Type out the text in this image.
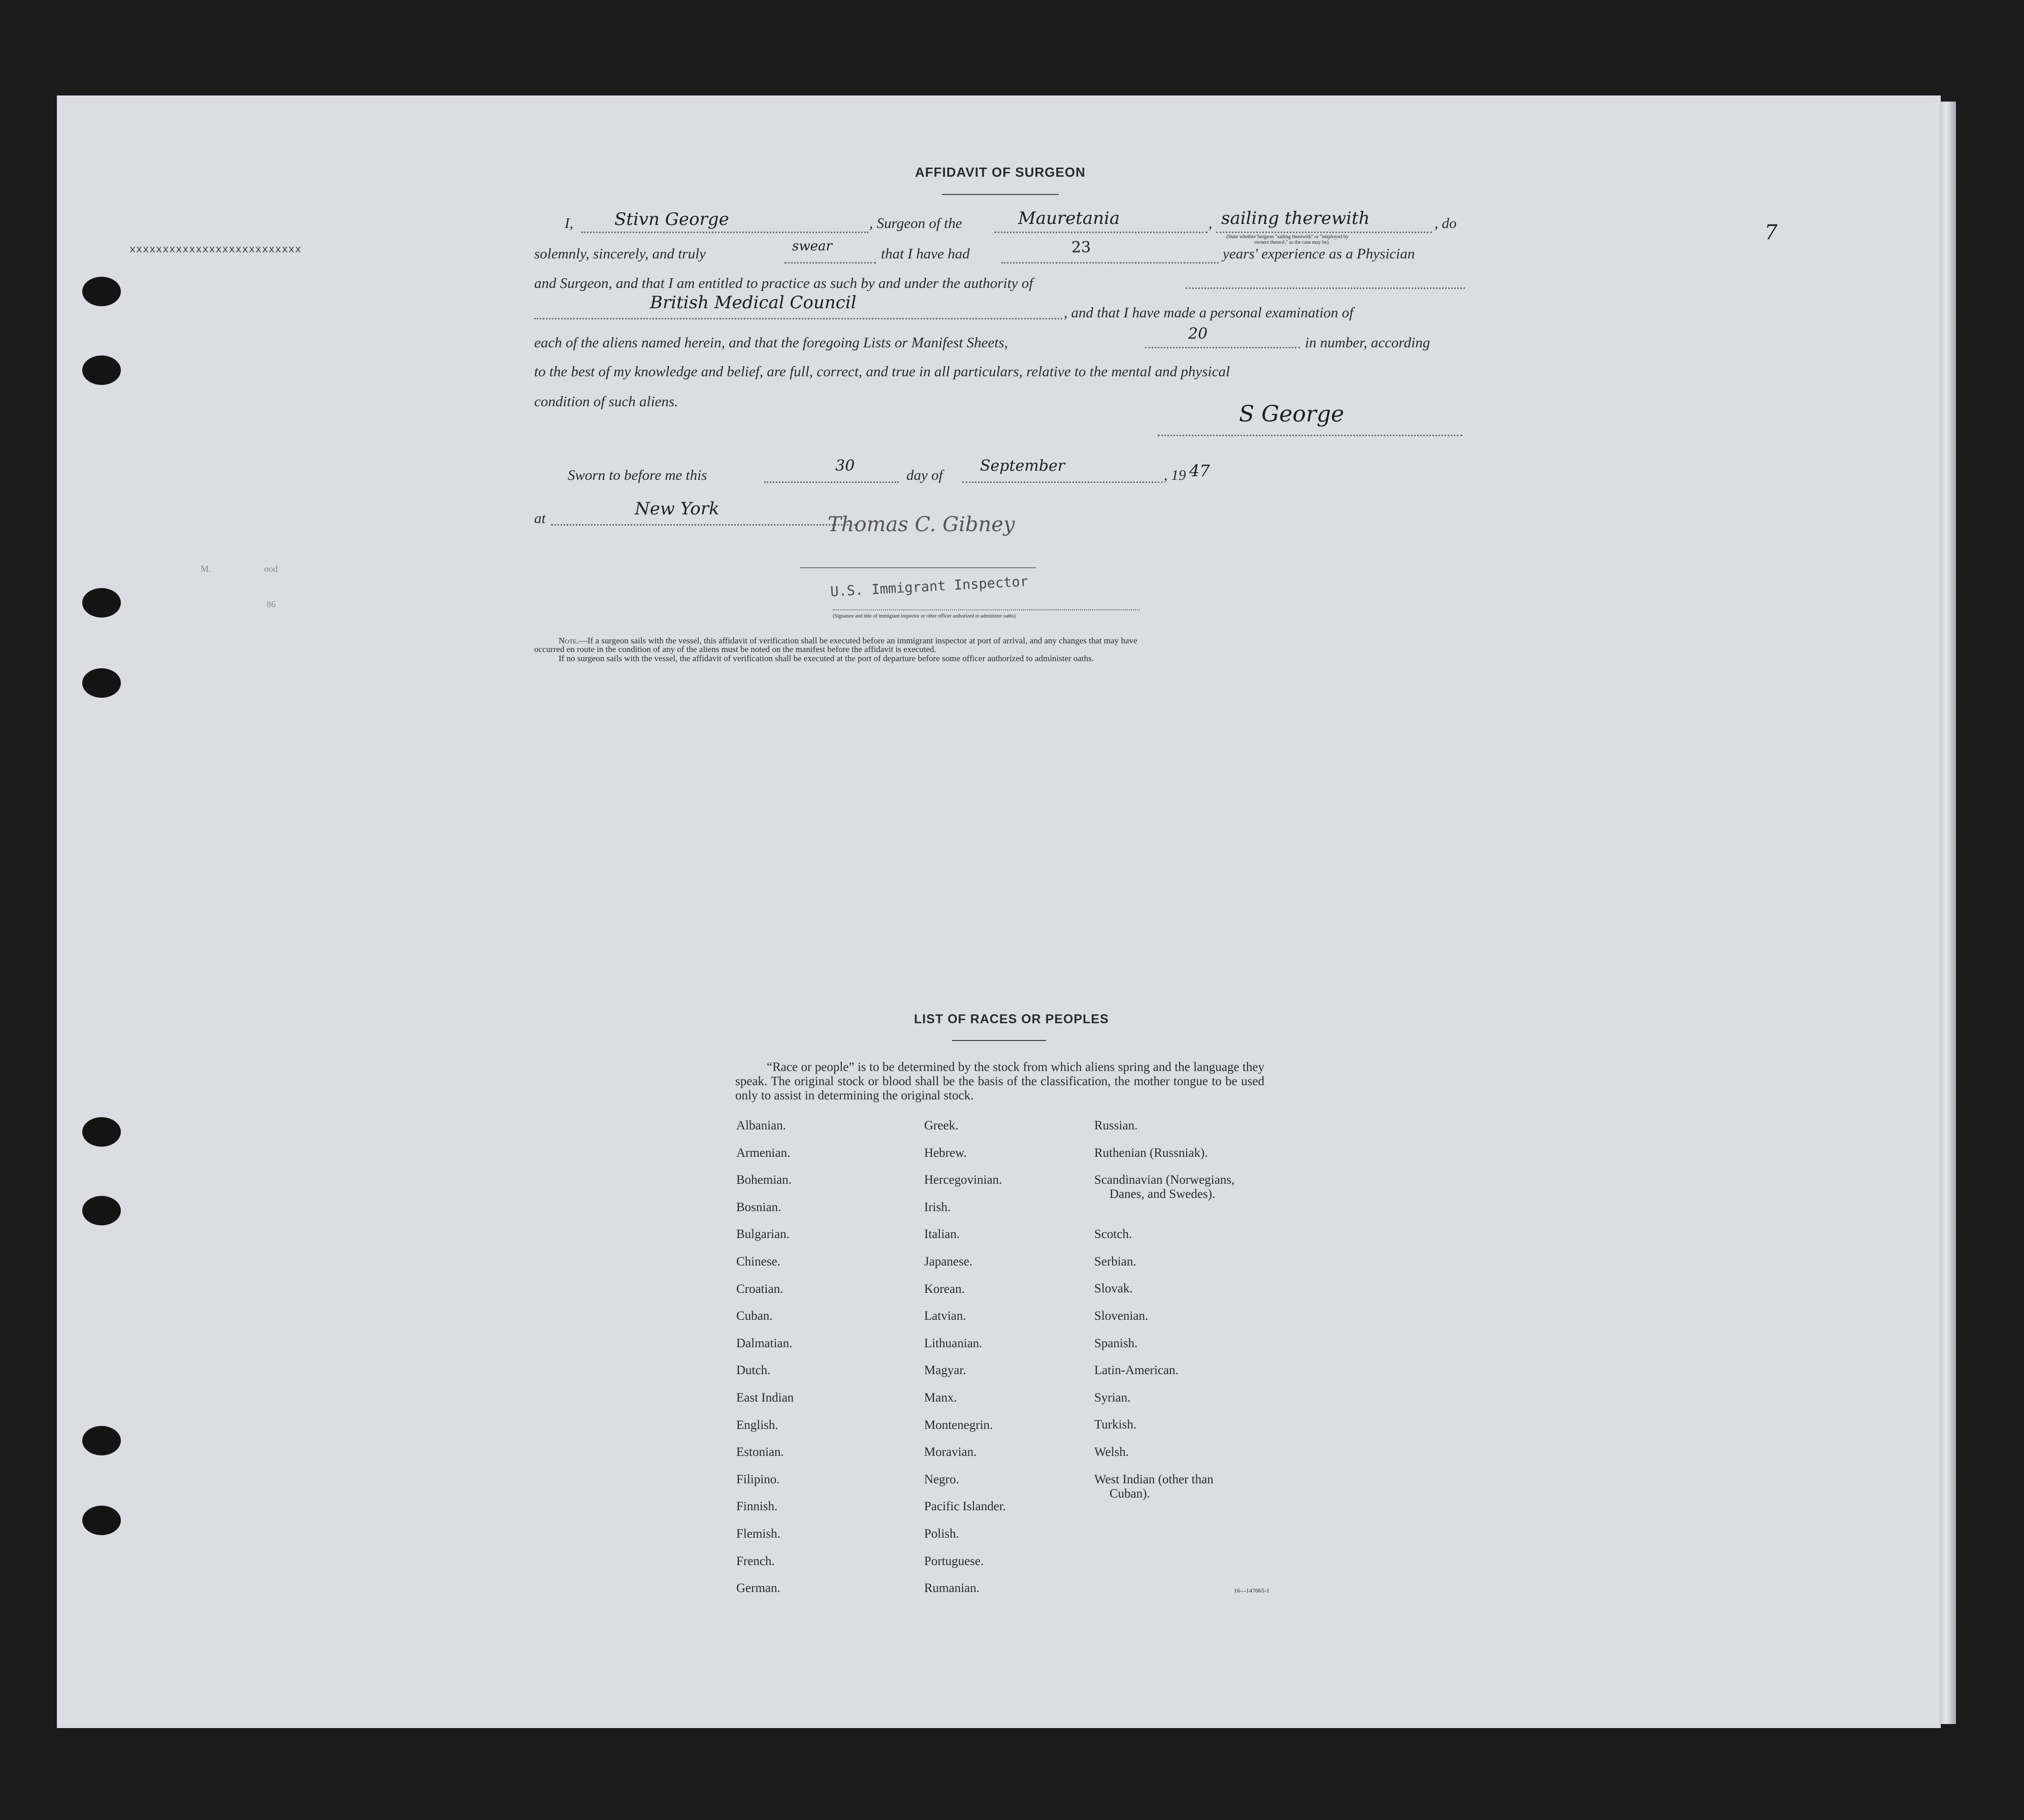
xxxxxxxxxxxxxxxxxxxxxxxxxx
7
M.	ood
86
AFFIDAVIT OF SURGEON
I, Stivn George	, Surgeon of the	Mauretania	, sailing therewith	, do
(State whether Surgeon "sailing therewith" or "employed by
owners thereof," as the case may be)
solemnly, sincerely, and truly	swear	that I have had	23	years' experience as a Physician
and Surgeon, and that I am entitled to practice as such by and under the authority of
British Medical Council	, and that I have made a personal examination of
each of the aliens named herein, and that the foregoing Lists or Manifest Sheets,	20	in number, according
to the best of my knowledge and belief, are full, correct, and true in all particulars, relative to the mental and physical
condition of such aliens.	S George
Sworn to before me this
30
day of
September
, 19 47
at	New York
Thomas C. Gibney
U.S. Immigrant Inspector
(Signature and title of immigrant inspector or other officer authorized to administer oaths)
Note.—If a surgeon sails with the vessel, this affidavit of verification shall be executed before an immigrant inspector at port of arrival, and any changes that may have
occurred en route in the condition of any of the aliens must be noted on the manifest before the affidavit is executed.
If no surgeon sails with the vessel, the affidavit of verification shall be executed at the port of departure before some officer authorized to administer oaths.
LIST OF RACES OR PEOPLES
“Race or people” is to be determined by the stock from which aliens spring and the language they speak. The original stock or blood shall be the basis of the classification, the mother tongue to be used only to assist in determining the original stock.
Albanian.
Armenian.
Bohemian.
Bosnian.
Bulgarian.
Chinese.
Croatian.
Cuban.
Dalmatian.
Dutch.
East Indian
English.
Estonian.
Filipino.
Finnish.
Flemish.
French.
German.
Greek.
Hebrew.
Hercegovinian.
Irish.
Italian.
Japanese.
Korean.
Latvian.
Lithuanian.
Magyar.
Manx.
Montenegrin.
Moravian.
Negro.
Pacific Islander.
Polish.
Portuguese.
Rumanian.
Russian.
Ruthenian (Russniak).
Scandinavian (Norwegians,
Danes, and Swedes).
Scotch.
Serbian.
Slovak.
Slovenian.
Spanish.
Latin-American.
Syrian.
Turkish.
Welsh.
West Indian (other than
Cuban).
16—147065-1
